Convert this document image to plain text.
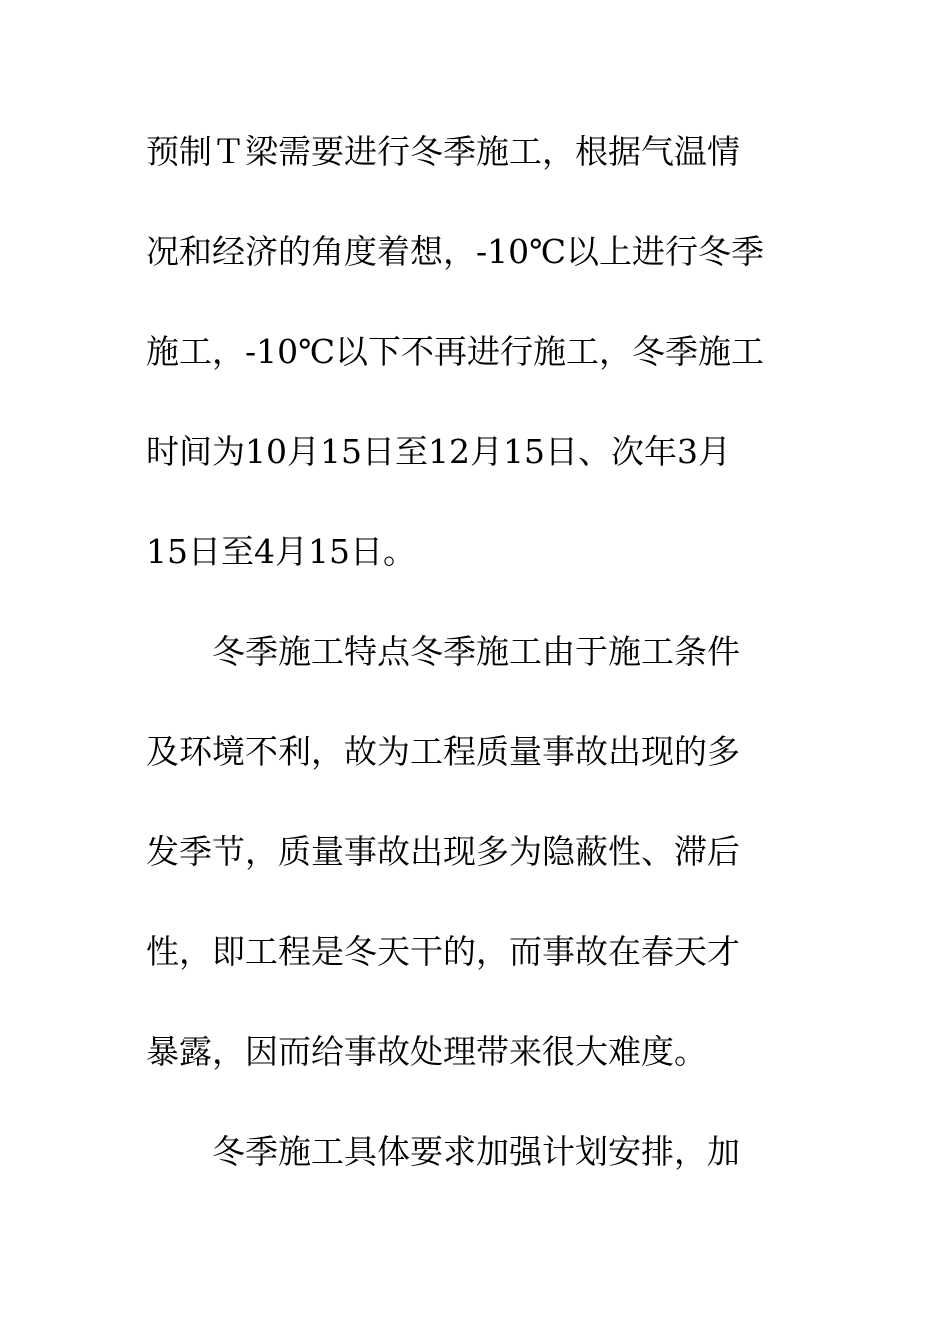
预制Ｔ梁需要进行冬季施工，根据气温情

况和经济的角度着想，-10℃以上进行冬季

施工，-10℃以下不再进行施工，冬季施工

时间为10月15日至12月15日、次年3月

15日至4月15日。

　　冬季施工特点冬季施工由于施工条件

及环境不利，故为工程质量事故出现的多

发季节，质量事故出现多为隐蔽性、滞后

性，即工程是冬天干的，而事故在春天才

暴露，因而给事故处理带来很大难度。

　　冬季施工具体要求加强计划安排，加
